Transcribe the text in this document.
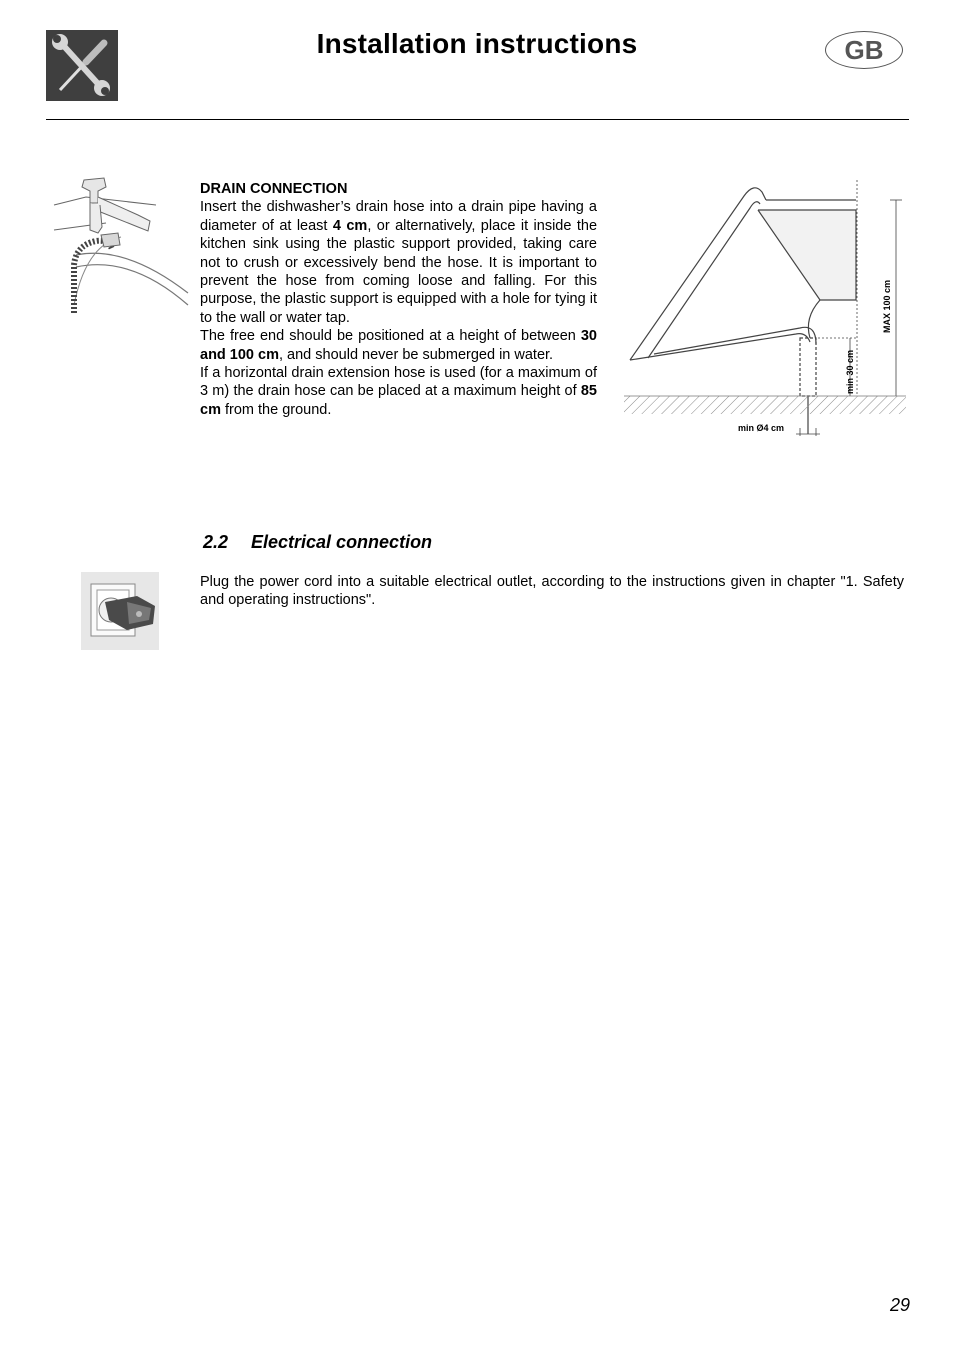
Installation instructions	GB
DRAIN CONNECTION

Insert the dishwasher’s drain hose into a drain pipe having a diameter of at least 4 cm, or alternatively, place it inside the kitchen sink using the plastic support provided, taking care not to crush or excessively bend the hose. It is important to prevent the hose from coming loose and falling. For this purpose, the plastic support is equipped with a hole for tying it to the wall or water tap.

The free end should be positioned at a height of between 30 and 100 cm, and should never be submerged in water.

If a horizontal drain extension hose is used (for a maximum of 3 m) the drain hose can be placed at a maximum height of 85 cm from the ground.

MAX 100 cm
min 30 cm
min Ø4 cm
2.2 Electrical connection

Plug the power cord into a suitable electrical outlet, according to the instructions given in chapter "1. Safety and operating instructions".

29
